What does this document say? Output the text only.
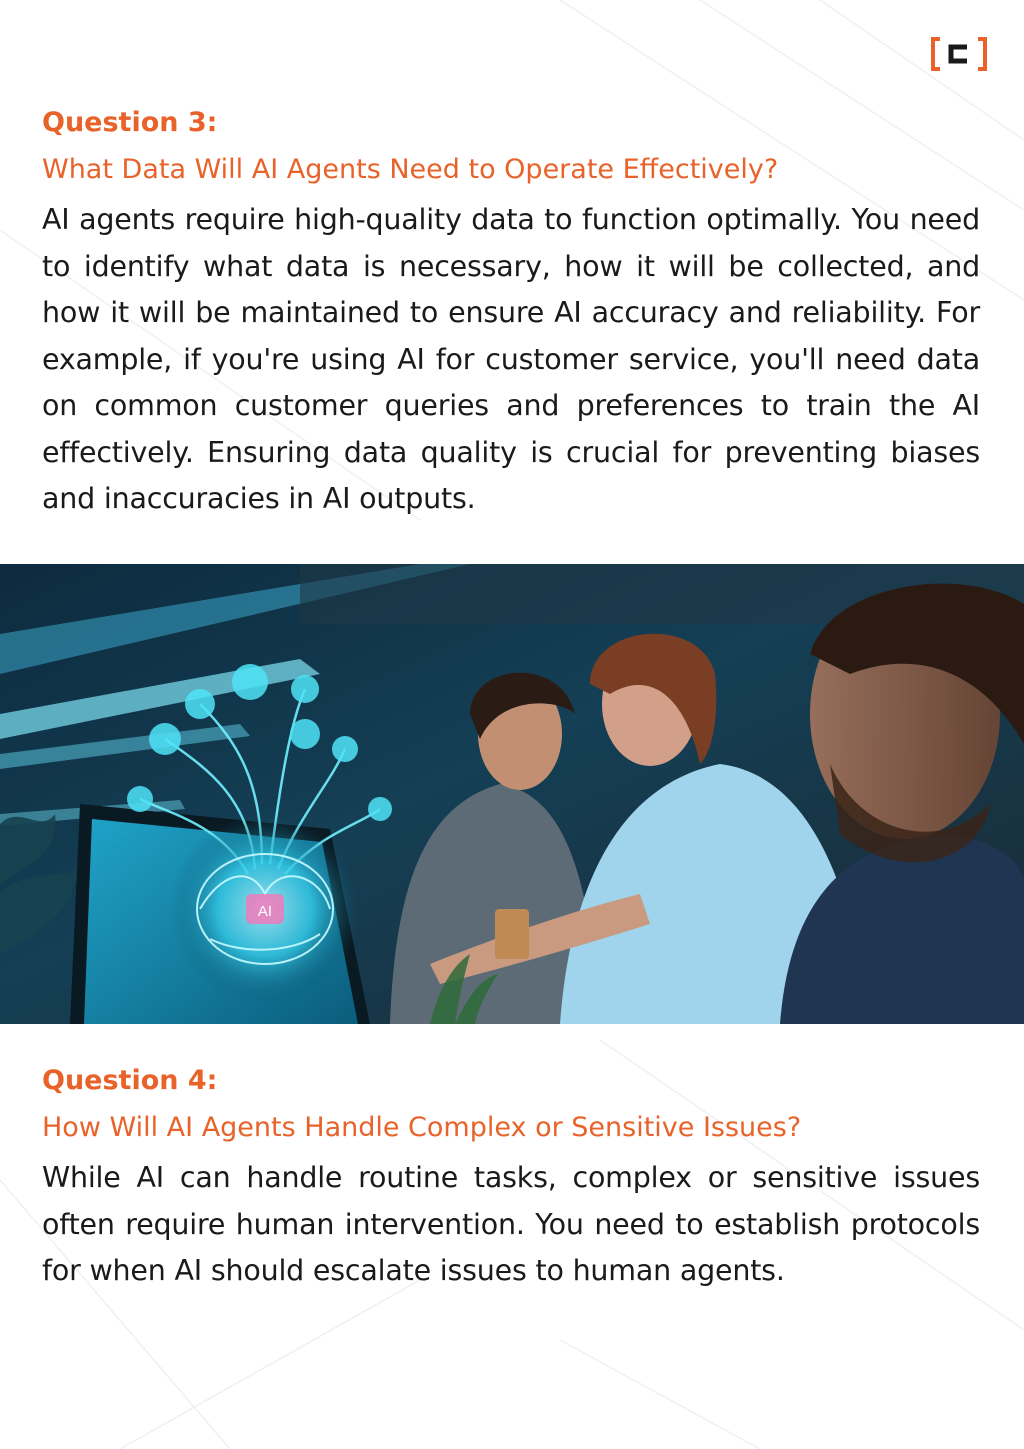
Question 3:

What Data Will AI Agents Need to Operate Effectively?

AI agents require high-quality data to function optimally. You need to identify what data is necessary, how it will be collected, and how it will be maintained to ensure AI accuracy and reliability. For example, if you're using AI for customer service, you'll need data on common customer queries and preferences to train the AI effectively. Ensuring data quality is crucial for preventing biases and inaccuracies in AI outputs.

AI

Question 4:

How Will AI Agents Handle Complex or Sensitive Issues?

While AI can handle routine tasks, complex or sensitive issues often require human intervention. You need to establish protocols for when AI should escalate issues to human agents.
